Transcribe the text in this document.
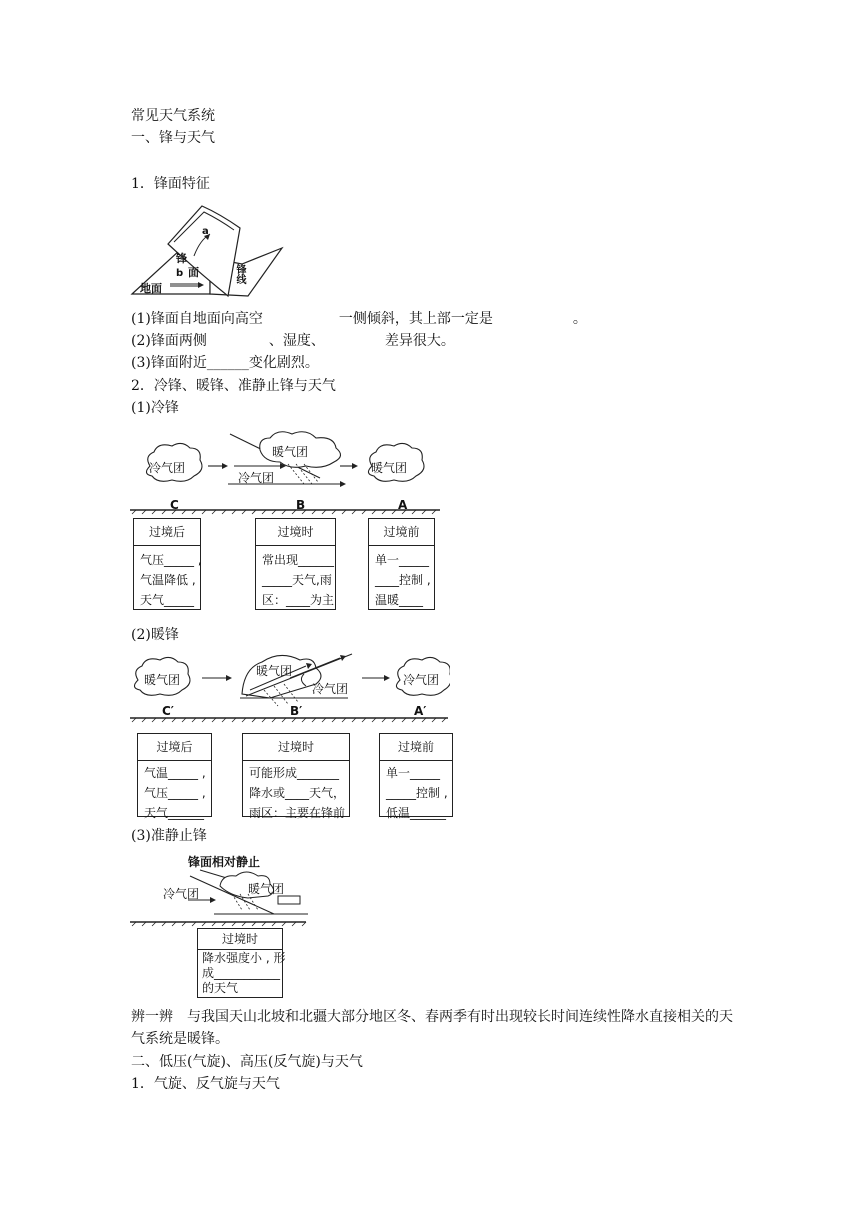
常见天气系统
一、锋与天气
1．锋面特征
a
b
锋
面	锋线
地面
(1)锋面自地面向高空	一侧倾斜，其上部一定是	。
(2)锋面两侧	、湿度、	差异很大。
(3)锋面附近______变化剧烈。
2．冷锋、暖锋、准静止锋与天气
(1)冷锋
冷气团
暖气团
冷气团
暖气团
C	B	A
过境后
气压_____ ,
气温降低 ,
天气_____
过境时
常出现______
_____天气,雨
区：____为主
过境前
单一_____
____控制 ,
温暖____
(2)暖锋
暖气团
暖气团
冷气团
冷气团
C′	B′	A′
过境后
气温_____ ,
气压_____ ,
天气______
过境时
可能形成_______
降水或____天气，
雨区：主要在锋前
过境前
单一_____
_____控制 ,
低温______
(3)准静止锋
锋面相对静止
冷气团	暖气团
过境时
降水强度小 , 形
成___________
的天气
辨一辨　与我国天山北坡和北疆大部分地区冬、春两季有时出现较长时间连续性降水直接相关的天气系统是暖锋。
二、低压(气旋)、高压(反气旋)与天气
1．气旋、反气旋与天气
